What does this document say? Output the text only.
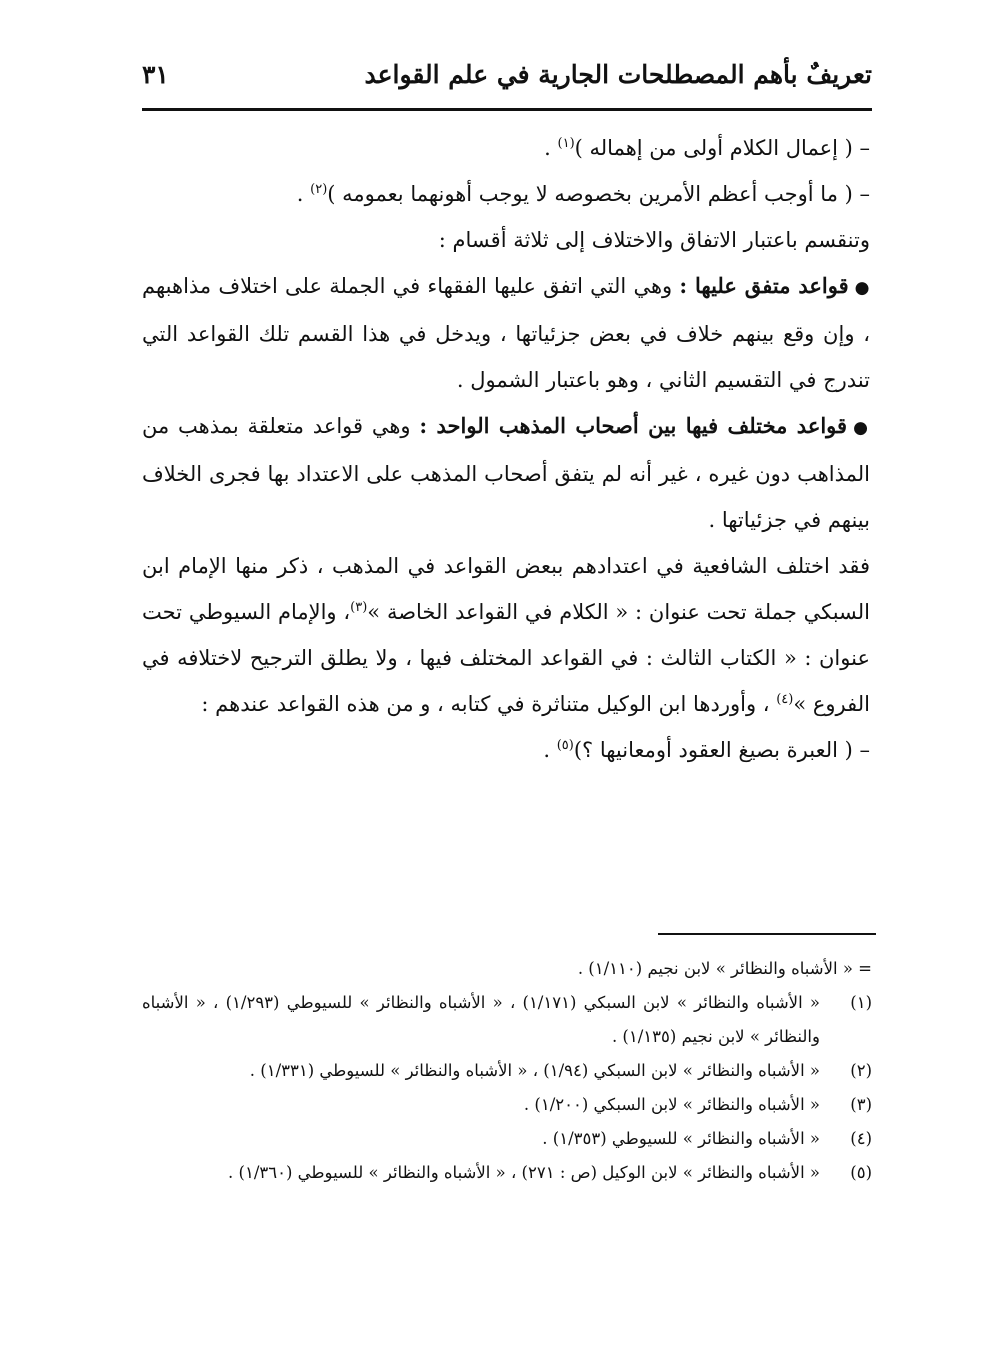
تعريفٌ بأهم المصطلحات الجارية في علم القواعد
٣١

– ( إعمال الكلام أولى من إهماله )$^{(١)}$ .

– ( ما أوجب أعظم الأمرين بخصوصه لا يوجب أهونهما بعمومه )$^{(٢)}$ .

وتنقسم باعتبار الاتفاق والاختلاف إلى ثلاثة أقسام :

●قواعد متفق عليها : وهي التي اتفق عليها الفقهاء في الجملة على اختلاف مذاهبهم ، وإن وقع بينهم خلاف في بعض جزئياتها ، ويدخل في هذا القسم تلك القواعد التي تندرج في التقسيم الثاني ، وهو باعتبار الشمول .

●قواعد مختلف فيها بين أصحاب المذهب الواحد : وهي قواعد متعلقة بمذهب من المذاهب دون غيره ، غير أنه لم يتفق أصحاب المذهب على الاعتداد بها فجرى الخلاف بينهم في جزئياتها .

فقد اختلف الشافعية في اعتدادهم ببعض القواعد في المذهب ، ذكر منها الإمام ابن السبكي جملة تحت عنوان : « الكلام في القواعد الخاصة »$^{(٣)}$، والإمام السيوطي تحت عنوان : « الكتاب الثالث : في القواعد المختلف فيها ، ولا يطلق الترجيح لاختلافه في الفروع »$^{(٤)}$ ، وأوردها ابن الوكيل متناثرة في كتابه ، و من هذه القواعد عندهم :

– ( العبرة بصيغ العقود أومعانيها ؟)$^{(٥)}$ .

= « الأشباه والنظائر » لابن نجيم (١/١١٠) .
(١)
« الأشباه والنظائر » لابن السبكي (١/١٧١) ، « الأشباه والنظائر » للسيوطي (١/٢٩٣) ، « الأشباه والنظائر » لابن نجيم (١/١٣٥) .
(٢)
« الأشباه والنظائر » لابن السبكي (١/٩٤) ، « الأشباه والنظائر » للسيوطي (١/٣٣١) .
(٣)
« الأشباه والنظائر » لابن السبكي (١/٢٠٠) .
(٤)
« الأشباه والنظائر » للسيوطي (١/٣٥٣) .
(٥)
« الأشباه والنظائر » لابن الوكيل (ص : ٢٧١) ، « الأشباه والنظائر » للسيوطي (١/٣٦٠) .
